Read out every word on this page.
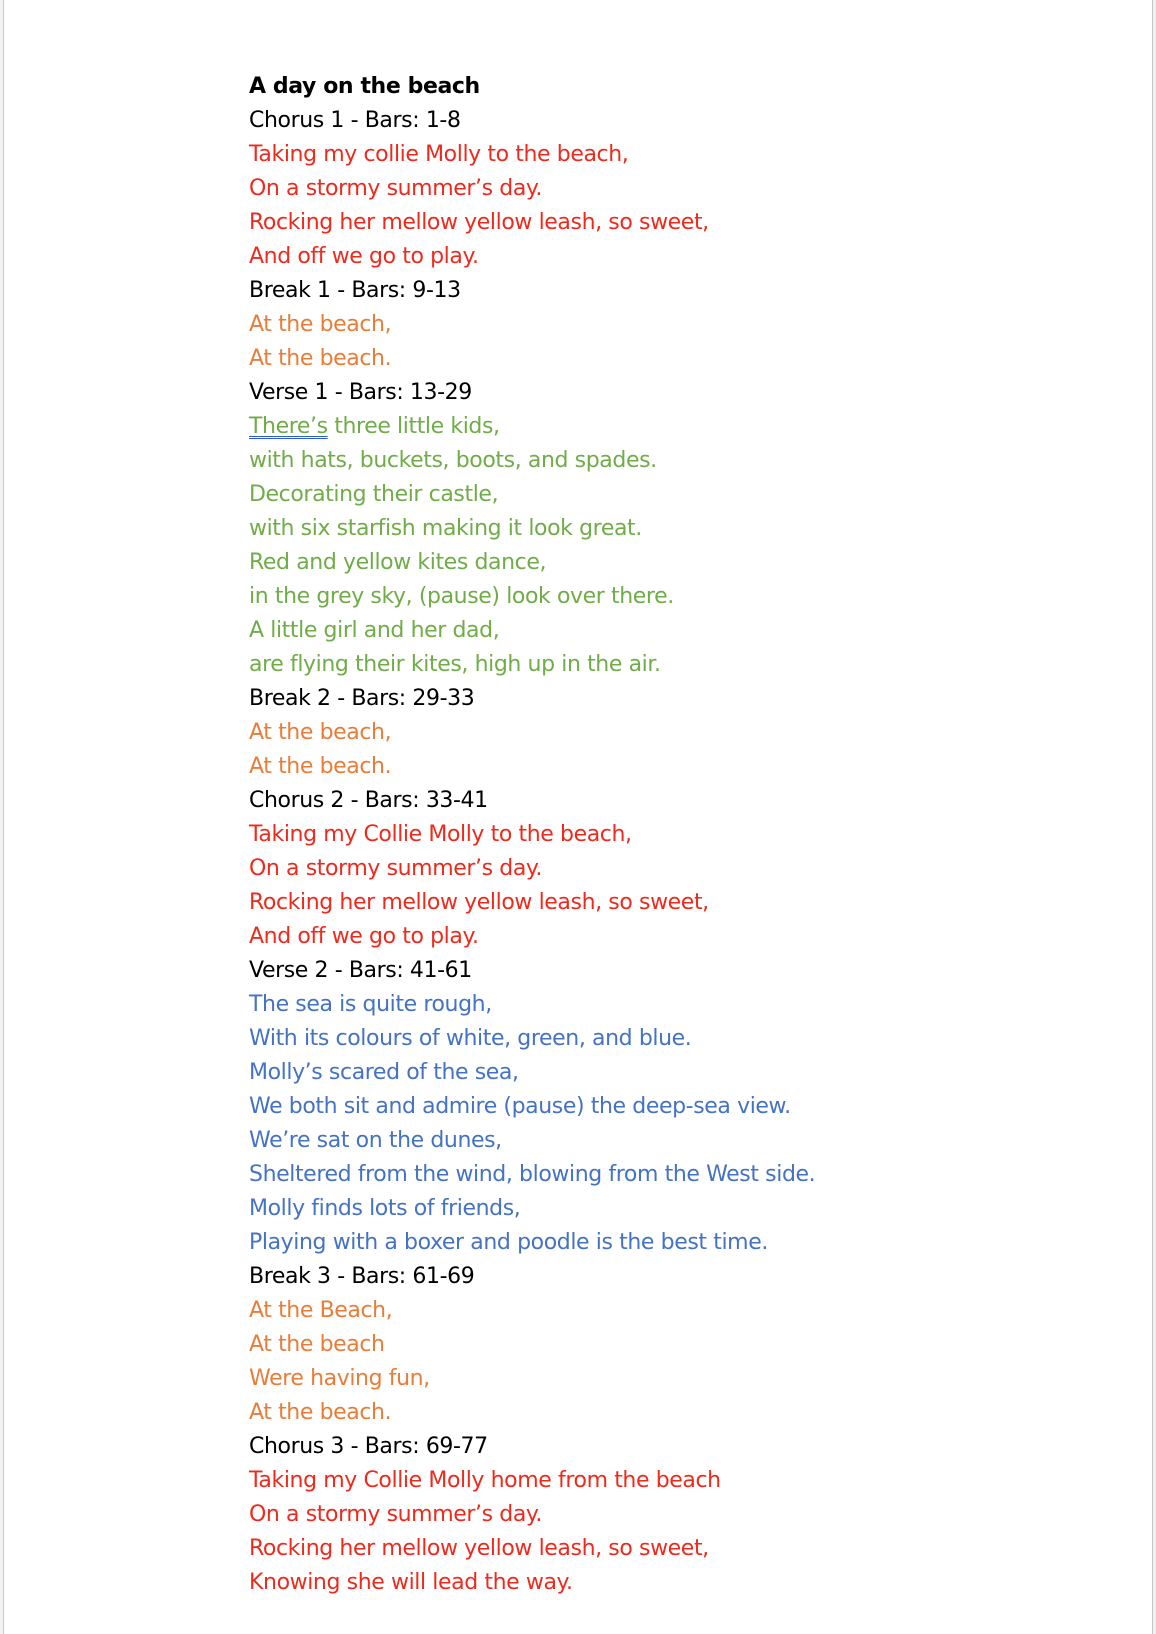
A day on the beach
Chorus 1 - Bars: 1-8
Taking my collie Molly to the beach,
On a stormy summer’s day.
Rocking her mellow yellow leash, so sweet,
And off we go to play.
Break 1 - Bars: 9-13
At the beach,
At the beach.
Verse 1 - Bars: 13-29
There’s three little kids,
with hats, buckets, boots, and spades.
Decorating their castle,
with six starfish making it look great.
Red and yellow kites dance,
in the grey sky, (pause) look over there.
A little girl and her dad,
are flying their kites, high up in the air.
Break 2 - Bars: 29-33
At the beach,
At the beach.
Chorus 2 - Bars: 33-41
Taking my Collie Molly to the beach,
On a stormy summer’s day.
Rocking her mellow yellow leash, so sweet,
And off we go to play.
Verse 2 - Bars: 41-61
The sea is quite rough,
With its colours of white, green, and blue.
Molly’s scared of the sea,
We both sit and admire (pause) the deep-sea view.
We’re sat on the dunes,
Sheltered from the wind, blowing from the West side.
Molly finds lots of friends,
Playing with a boxer and poodle is the best time.
Break 3 - Bars: 61-69
At the Beach,
At the beach
Were having fun,
At the beach.
Chorus 3 - Bars: 69-77
Taking my Collie Molly home from the beach
On a stormy summer’s day.
Rocking her mellow yellow leash, so sweet,
Knowing she will lead the way.
